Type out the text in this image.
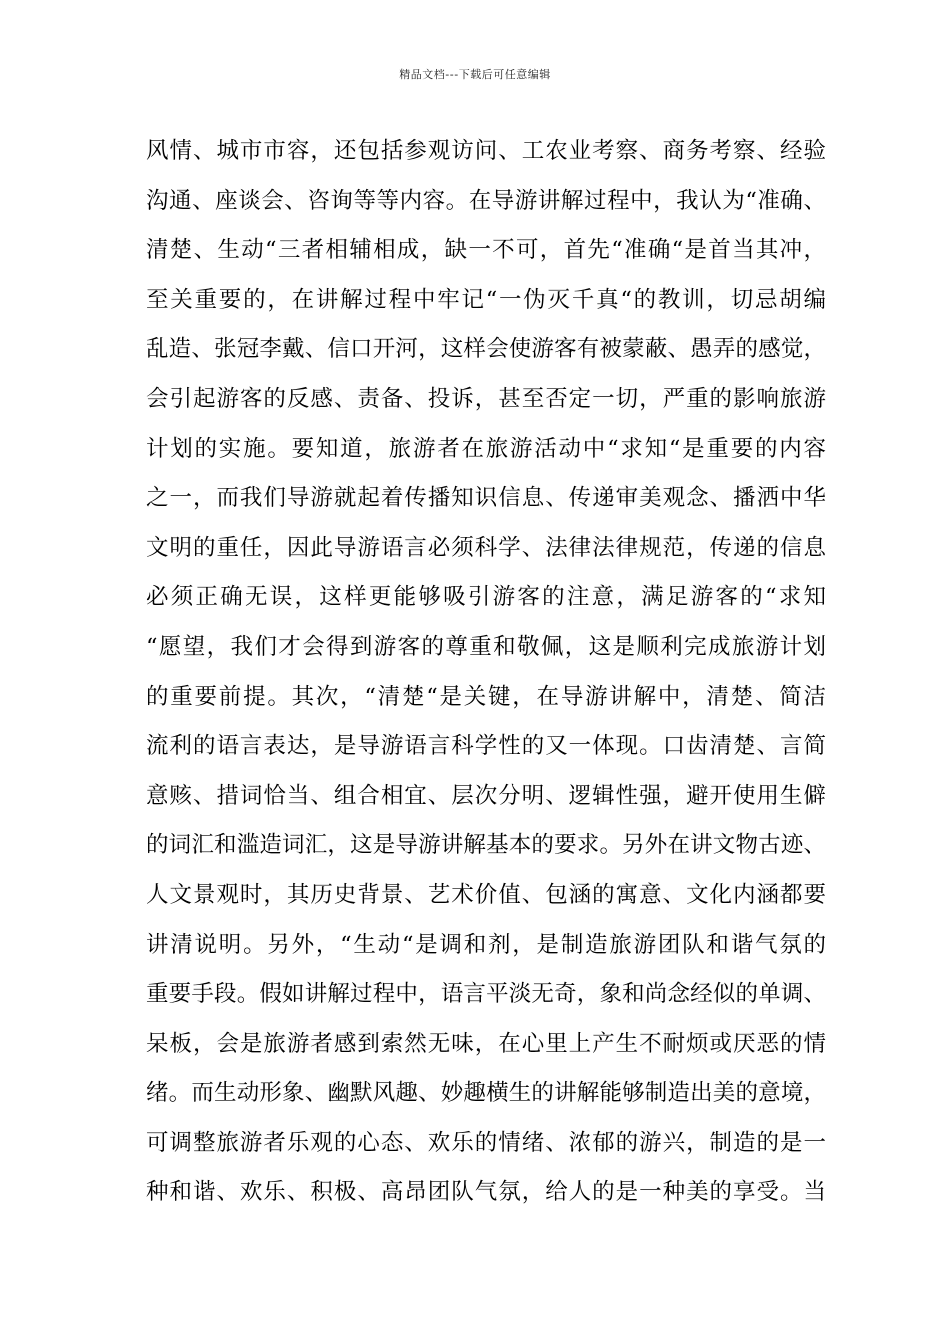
精品文档---下载后可任意编辑
风情、城市市容，还包括参观访问、工农业考察、商务考察、经验
沟通、座谈会、咨询等等内容。在导游讲解过程中，我认为“准确、
清楚、生动“三者相辅相成，缺一不可，首先“准确“是首当其冲，
至关重要的，在讲解过程中牢记“一伪灭千真“的教训，切忌胡编
乱造、张冠李戴、信口开河，这样会使游客有被蒙蔽、愚弄的感觉，
会引起游客的反感、责备、投诉，甚至否定一切，严重的影响旅游
计划的实施。要知道，旅游者在旅游活动中“求知“是重要的内容
之一，而我们导游就起着传播知识信息、传递审美观念、播洒中华
文明的重任，因此导游语言必须科学、法律法律规范，传递的信息
必须正确无误，这样更能够吸引游客的注意，满足游客的“求知
“愿望，我们才会得到游客的尊重和敬佩，这是顺利完成旅游计划
的重要前提。其次，“清楚“是关键，在导游讲解中，清楚、简洁
流利的语言表达，是导游语言科学性的又一体现。口齿清楚、言简
意赅、措词恰当、组合相宜、层次分明、逻辑性强，避开使用生僻
的词汇和滥造词汇，这是导游讲解基本的要求。另外在讲文物古迹、
人文景观时，其历史背景、艺术价值、包涵的寓意、文化内涵都要
讲清说明。另外，“生动“是调和剂，是制造旅游团队和谐气氛的
重要手段。假如讲解过程中，语言平淡无奇，象和尚念经似的单调、
呆板，会是旅游者感到索然无味，在心里上产生不耐烦或厌恶的情
绪。而生动形象、幽默风趣、妙趣横生的讲解能够制造出美的意境，
可调整旅游者乐观的心态、欢乐的情绪、浓郁的游兴，制造的是一
种和谐、欢乐、积极、高昂团队气氛，给人的是一种美的享受。当
